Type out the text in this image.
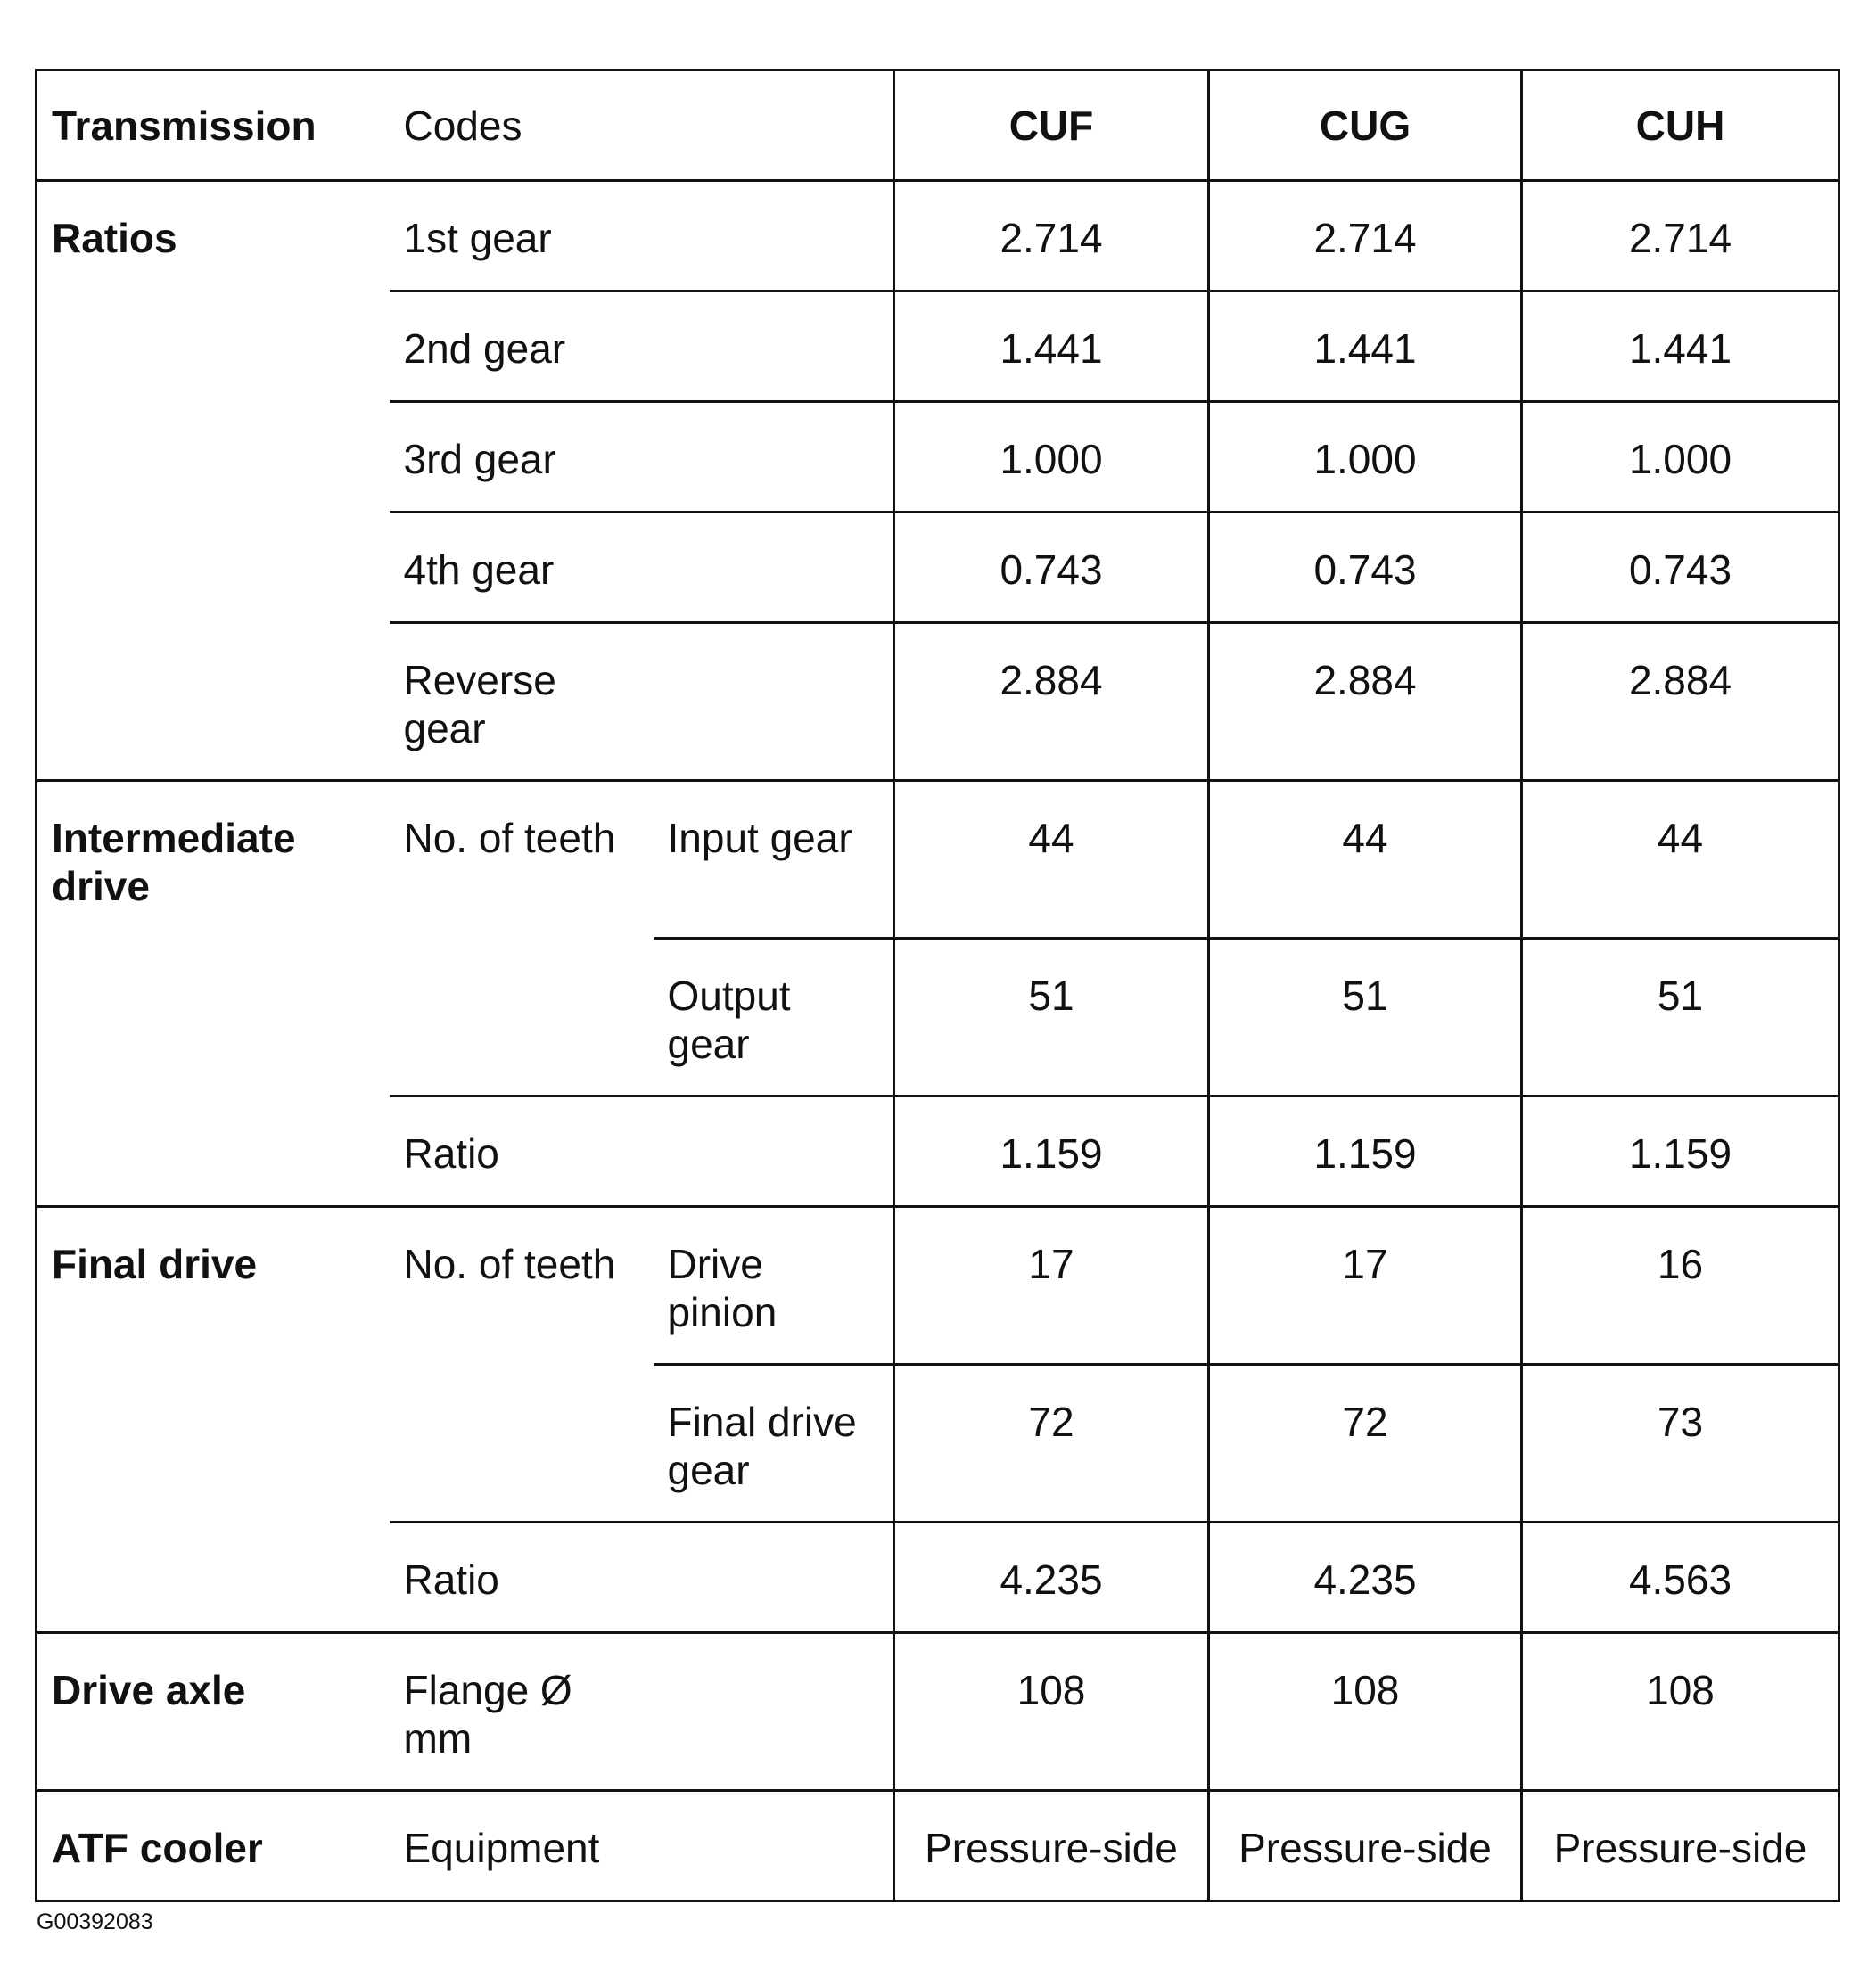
Transmission	Codes		CUF	CUG	CUH
Ratios	1st gear		2.714	2.714	2.714
	2nd gear		1.441	1.441	1.441
	3rd gear		1.000	1.000	1.000
	4th gear		0.743	0.743	0.743

	Reverse gear		2.884	2.884	2.884

Intermediate drive	No. of teeth	Input gear	44	44	44

		Output gear	51	51	51
	Ratio		1.159	1.159	1.159
Final drive	No. of teeth	Drive pinion	17	17	16

		Final drive gear	72	72	73
	Ratio		4.235	4.235	4.563
Drive axle	Flange Ø mm		108	108	108
ATF cooler	Equipment		Pressure-side	Pressure-side	Pressure-side
G00392083
